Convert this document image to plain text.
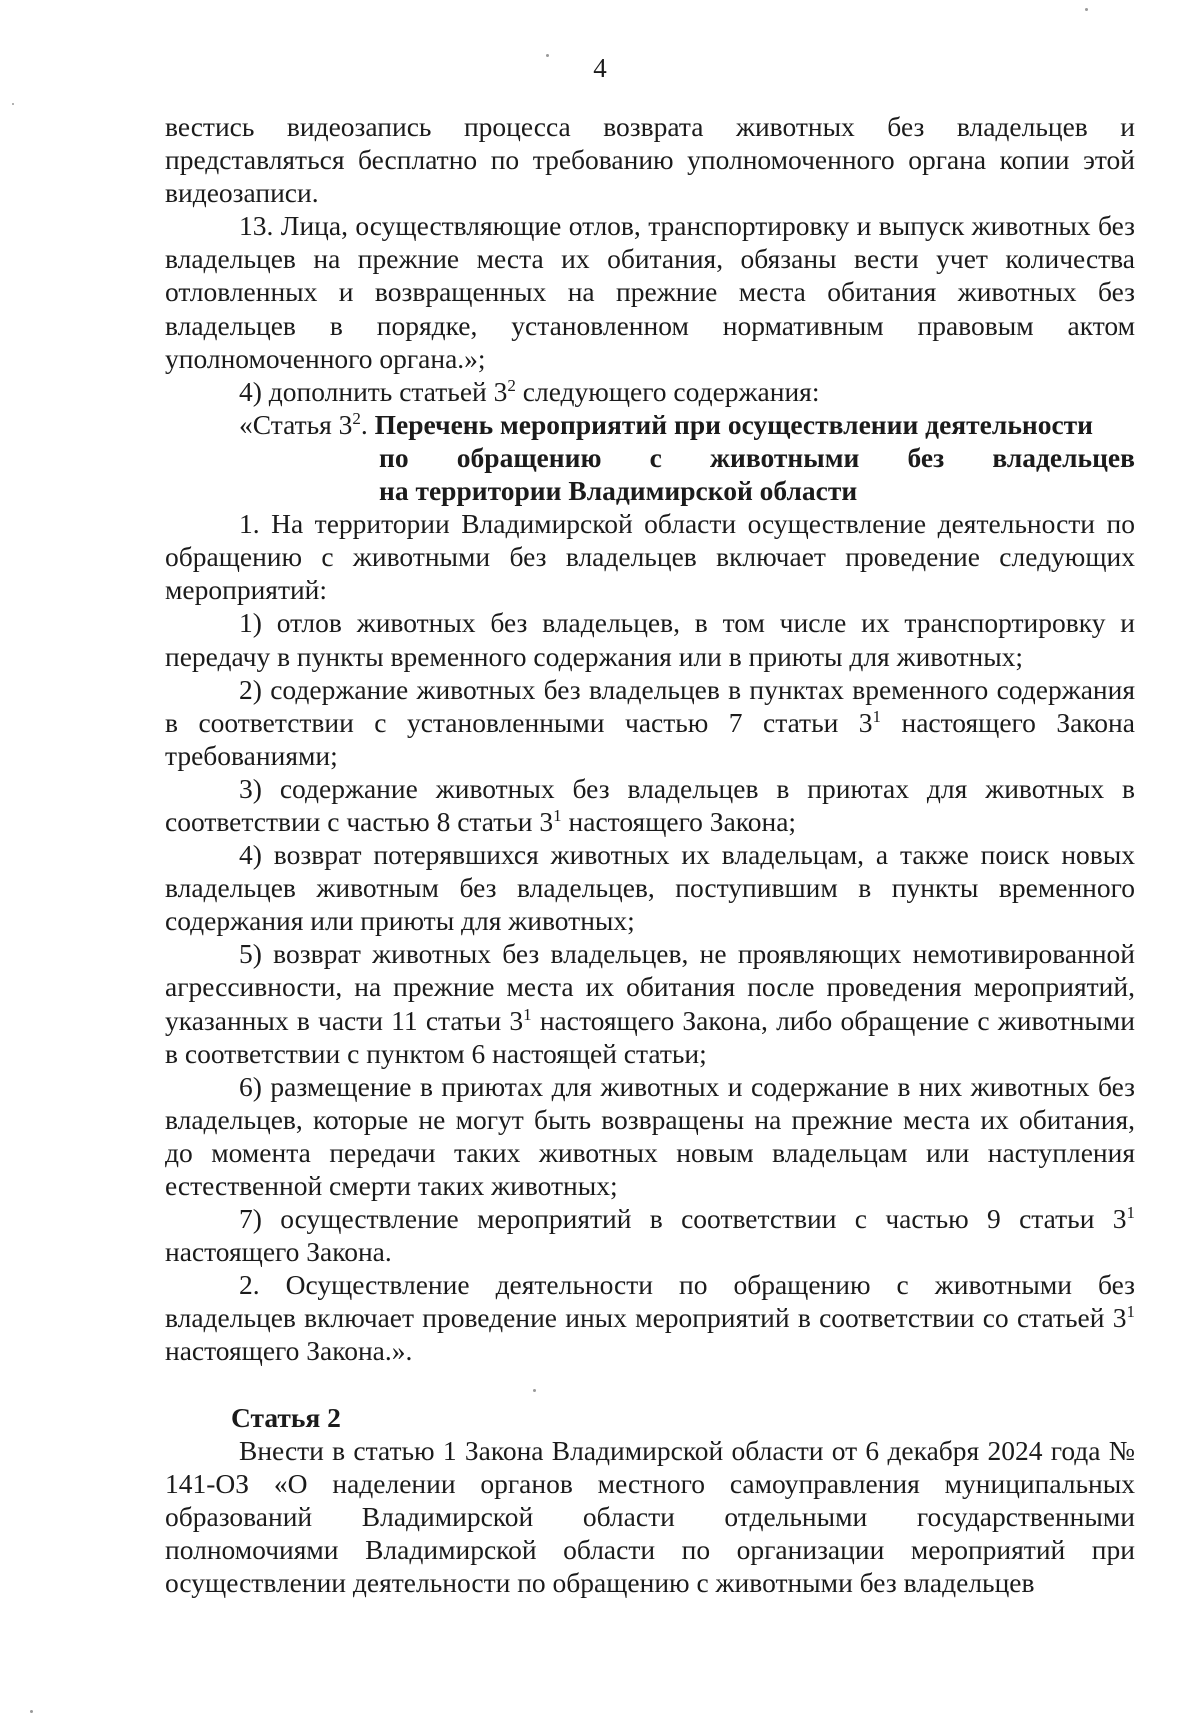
4

вестись видеозапись процесса возврата животных без владельцев и представляться бесплатно по требованию уполномоченного органа копии этой видеозаписи.

13. Лица, осуществляющие отлов, транспортировку и выпуск животных без владельцев на прежние места их обитания, обязаны вести учет количества отловленных и возвращенных на прежние места обитания животных без владельцев в порядке, установленном нормативным правовым актом уполномоченного органа.»;

4) дополнить статьей $3^2$ следующего содержания:

«Статья $3^2$. Перечень мероприятий при осуществлении деятельности
по обращению с животными без владельцев
на территории Владимирской области

1. На территории Владимирской области осуществление деятельности по обращению с животными без владельцев включает проведение следующих мероприятий:

1) отлов животных без владельцев, в том числе их транспортировку и передачу в пункты временного содержания или в приюты для животных;

2) содержание животных без владельцев в пунктах временного содержания в соответствии с установленными частью 7 статьи $3^1$ настоящего Закона требованиями;

3) содержание животных без владельцев в приютах для животных в соответствии с частью 8 статьи $3^1$ настоящего Закона;

4) возврат потерявшихся животных их владельцам, а также поиск новых владельцев животным без владельцев, поступившим в пункты временного содержания или приюты для животных;

5) возврат животных без владельцев, не проявляющих немотивированной агрессивности, на прежние места их обитания после проведения мероприятий, указанных в части 11 статьи $3^1$ настоящего Закона, либо обращение с животными в соответствии с пунктом 6 настоящей статьи;

6) размещение в приютах для животных и содержание в них животных без владельцев, которые не могут быть возвращены на прежние места их обитания, до момента передачи таких животных новым владельцам или наступления естественной смерти таких животных;

7) осуществление мероприятий в соответствии с частью 9 статьи $3^1$ настоящего Закона.

2. Осуществление деятельности по обращению с животными без владельцев включает проведение иных мероприятий в соответствии со статьей $3^1$ настоящего Закона.».

Статья 2

Внести в статью 1 Закона Владимирской области от 6 декабря 2024 года № 141-ОЗ «О наделении органов местного самоуправления муниципальных образований Владимирской области отдельными государственными полномочиями Владимирской области по организации мероприятий при осуществлении деятельности по обращению с животными без владельцев
